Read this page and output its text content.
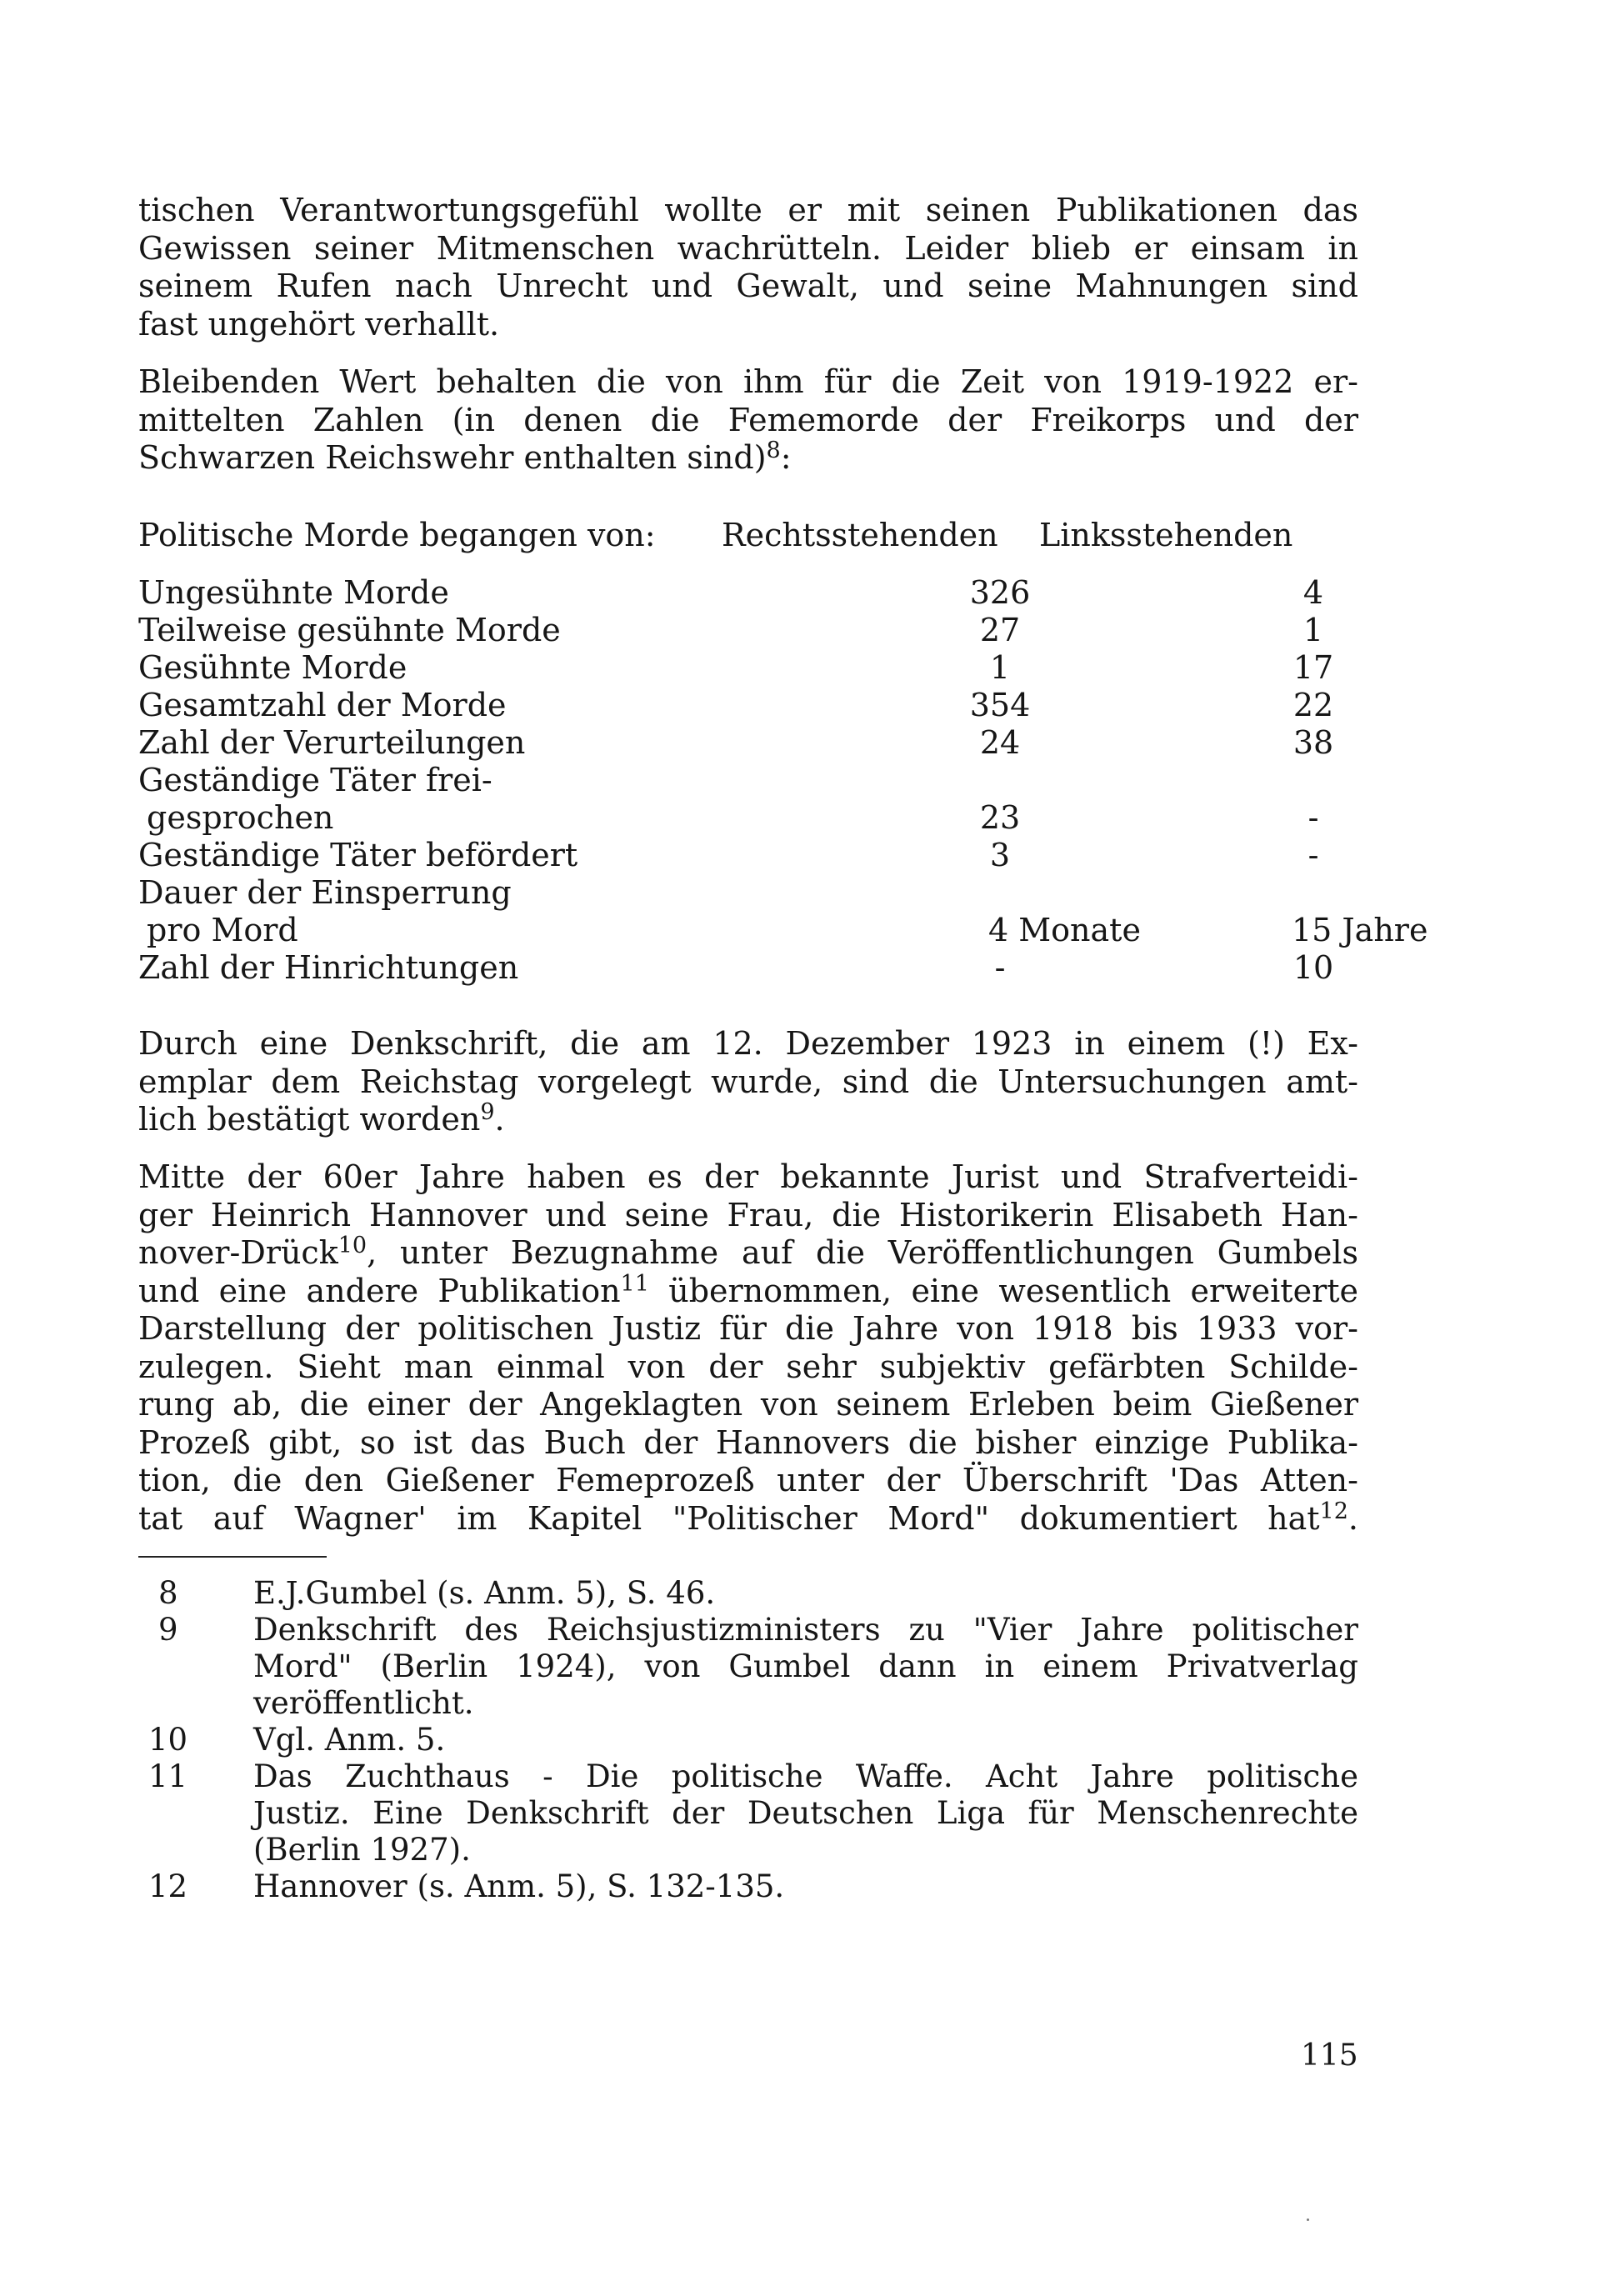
tischen Verantwortungsgefühl wollte er mit seinen Publikationen das
Gewissen seiner Mitmenschen wachrütteln. Leider blieb er einsam in
seinem Rufen nach Unrecht und Gewalt, und seine Mahnungen sind
fast ungehört verhallt.

Bleibenden Wert behalten die von ihm für die Zeit von 1919-1922 er-
mittelten Zahlen (in denen die Fememorde der Freikorps und der
Schwarzen Reichswehr enthalten sind)$^8$:

Politische Morde begangen von: Rechtsstehenden Linksstehenden
Ungesühnte Morde	326	4
Teilweise gesühnte Morde	27	1
Gesühnte Morde	1	17
Gesamtzahl der Morde	354	22
Zahl der Verurteilungen	24	38
Geständige Täter frei-
gesprochen	23	-
Geständige Täter befördert	3	-
Dauer der Einsperrung
pro Mord	4 Monate	15 Jahre
Zahl der Hinrichtungen	-	10

Durch eine Denkschrift, die am 12. Dezember 1923 in einem (!) Ex-
emplar dem Reichstag vorgelegt wurde, sind die Untersuchungen amt-
lich bestätigt worden$^9$.

Mitte der 60er Jahre haben es der bekannte Jurist und Strafverteidi-
ger Heinrich Hannover und seine Frau, die Historikerin Elisabeth Han-
nover-Drück$^{10}$, unter Bezugnahme auf die Veröffentlichungen Gumbels
und eine andere Publikation$^{11}$ übernommen, eine wesentlich erweiterte
Darstellung der politischen Justiz für die Jahre von 1918 bis 1933 vor-
zulegen. Sieht man einmal von der sehr subjektiv gefärbten Schilde-
rung ab, die einer der Angeklagten von seinem Erleben beim Gießener
Prozeß gibt, so ist das Buch der Hannovers die bisher einzige Publika-
tion, die den Gießener Femeprozeß unter der Überschrift 'Das Atten-
tat auf Wagner' im Kapitel "Politischer Mord" dokumentiert hat$^{12}$.

8	E.J.Gumbel (s. Anm. 5), S. 46.
9	Denkschrift des Reichsjustizministers zu "Vier Jahre politischer
Mord" (Berlin 1924), von Gumbel dann in einem Privatverlag
veröffentlicht.
10	Vgl. Anm. 5.
11	Das Zuchthaus - Die politische Waffe. Acht Jahre politische
Justiz. Eine Denkschrift der Deutschen Liga für Menschenrechte
(Berlin 1927).
12	Hannover (s. Anm. 5), S. 132-135.
115
